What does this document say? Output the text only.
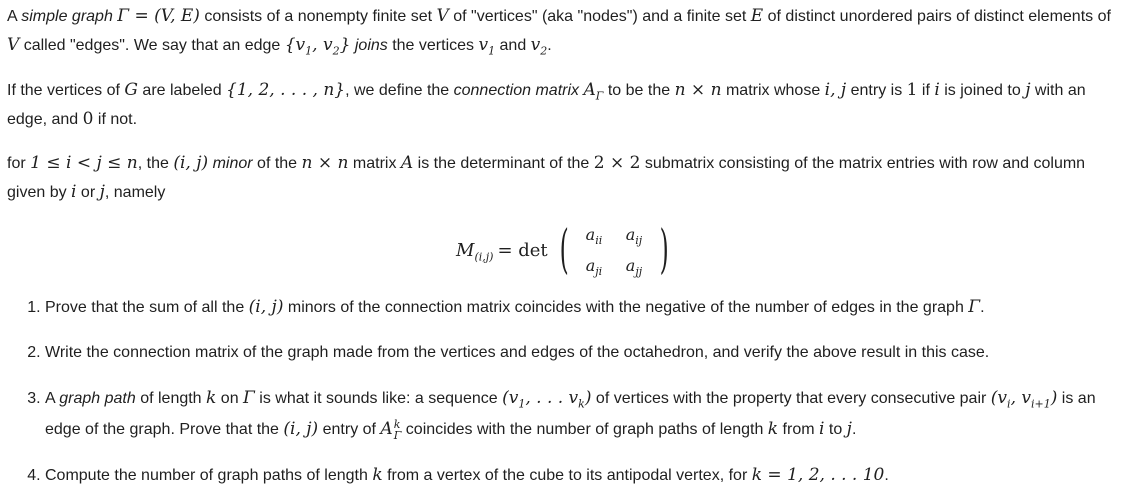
A simple graph Γ = (V, E) consists of a nonempty finite set V of "vertices" (aka "nodes") and a finite set E of distinct unordered pairs of distinct elements of V called "edges". We say that an edge {$v_1$, $v_2$} joins the vertices $v_1$ and $v_2$.

If the vertices of G are labeled {1, 2, . . . , n}, we define the connection matrix $A_\Gamma$ to be the n × n matrix whose i, j entry is 1 if i is joined to j with an edge, and 0 if not.

for 1 ≤ i < j ≤ n, the (i, j) minor of the n × n matrix A is the determinant of the 2 × 2 submatrix consisting of the matrix entries with row and column given by i or j, namely

$M_{(i,j)} = \det$ (	$a_{ii}$	$a_{ij}$
$a_{ji}$	$a_{jj}$ )
1. Prove that the sum of all the (i, j) minors of the connection matrix coincides with the negative of the number of edges in the graph Γ.
2. Write the connection matrix of the graph made from the vertices and edges of the octahedron, and verify the above result in this case.
3. A graph path of length k on Γ is what it sounds like: a sequence ($v_1$, . . . $v_k$) of vertices with the property that every consecutive pair ($v_i$, $v_{i+1}$) is an edge of the graph. Prove that the (i, j) entry of A k
Γ coincides with the number of graph paths of length k from i to j.
4. Compute the number of graph paths of length k from a vertex of the cube to its antipodal vertex, for k = 1, 2, . . . 10.
